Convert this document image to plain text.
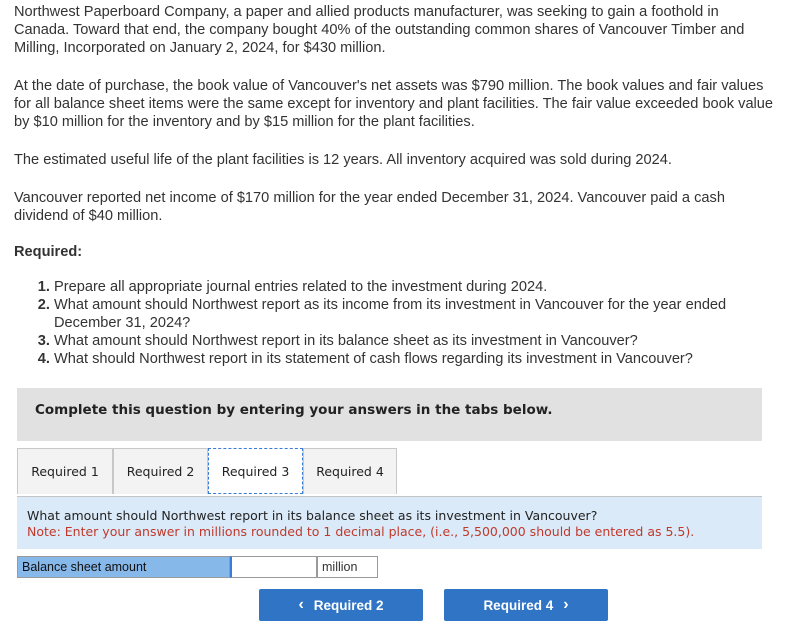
Northwest Paperboard Company, a paper and allied products manufacturer, was seeking to gain a foothold in Canada. Toward that end, the company bought 40% of the outstanding common shares of Vancouver Timber and Milling, Incorporated on January 2, 2024, for $430 million.

At the date of purchase, the book value of Vancouver's net assets was $790 million. The book values and fair values for all balance sheet items were the same except for inventory and plant facilities. The fair value exceeded book value by $10 million for the inventory and by $15 million for the plant facilities.

The estimated useful life of the plant facilities is 12 years. All inventory acquired was sold during 2024.

Vancouver reported net income of $170 million for the year ended December 31, 2024. Vancouver paid a cash dividend of $40 million.

Required:
1. Prepare all appropriate journal entries related to the investment during 2024.
2. What amount should Northwest report as its income from its investment in Vancouver for the year ended December 31, 2024?
3. What amount should Northwest report in its balance sheet as its investment in Vancouver?
4. What should Northwest report in its statement of cash flows regarding its investment in Vancouver?
Complete this question by entering your answers in the tabs below.
Required 1	Required 2	Required 3	Required 4
What amount should Northwest report in its balance sheet as its investment in Vancouver?
Note: Enter your answer in millions rounded to 1 decimal place, (i.e., 5,500,000 should be entered as 5.5).
Balance sheet amount	million
‹ Required 2	Required 4 ›
